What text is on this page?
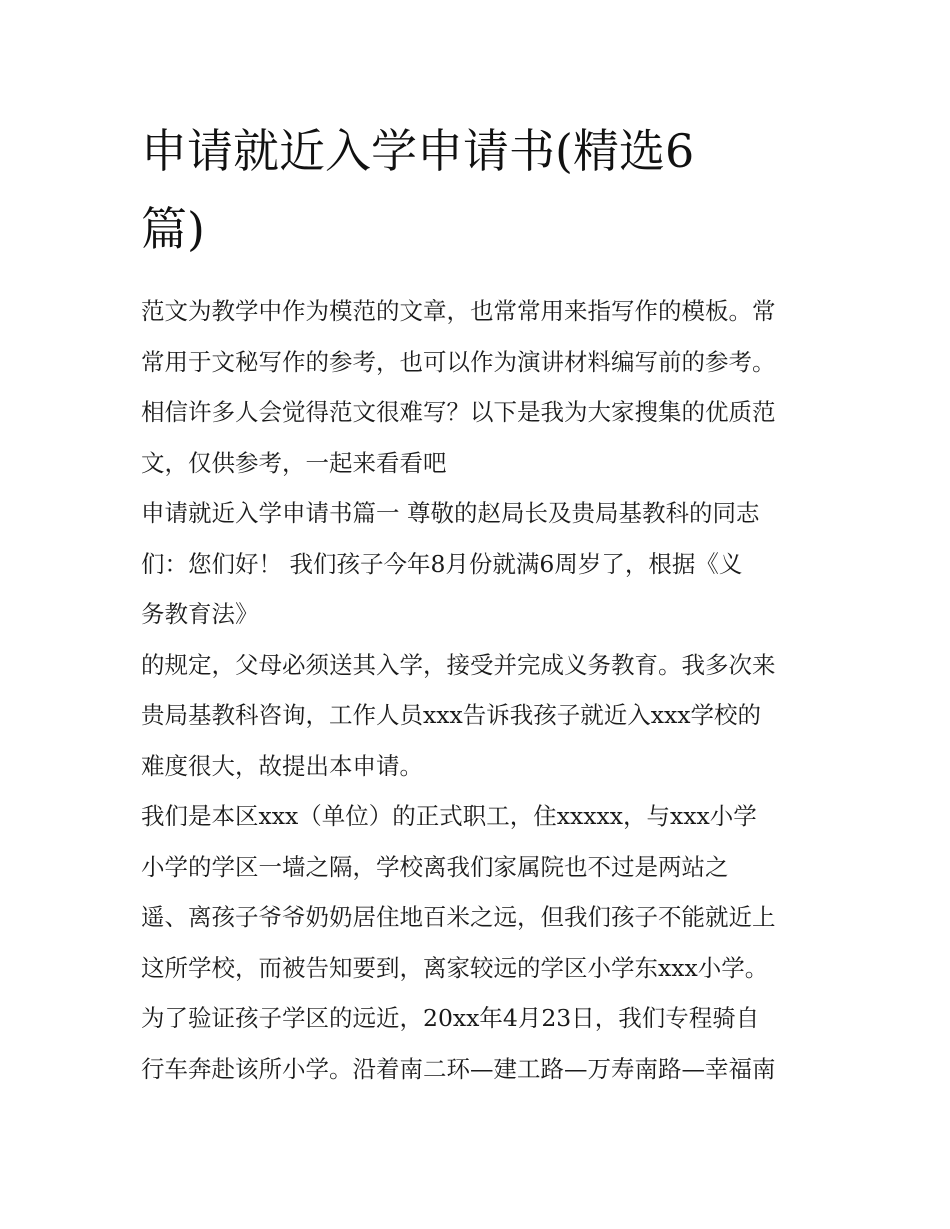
申请就近入学申请书(精选6
篇)
范文为教学中作为模范的文章，也常常用来指写作的模板。常
常用于文秘写作的参考，也可以作为演讲材料编写前的参考。
相信许多人会觉得范文很难写？以下是我为大家搜集的优质范
文，仅供参考，一起来看看吧
申请就近入学申请书篇一 尊敬的赵局长及贵局基教科的同志
们：您们好！ 我们孩子今年8月份就满6周岁了，根据《义
务教育法》
的规定，父母必须送其入学，接受并完成义务教育。我多次来
贵局基教科咨询，工作人员xxx告诉我孩子就近入xxx学校的
难度很大，故提出本申请。
我们是本区xxx（单位）的正式职工，住xxxxx，与xxx小学
小学的学区一墙之隔，学校离我们家属院也不过是两站之
遥、离孩子爷爷奶奶居住地百米之远，但我们孩子不能就近上
这所学校，而被告知要到，离家较远的学区小学东xxx小学。
为了验证孩子学区的远近，20xx年4月23日，我们专程骑自
行车奔赴该所小学。沿着南二环—建工路—万寿南路—幸福南
